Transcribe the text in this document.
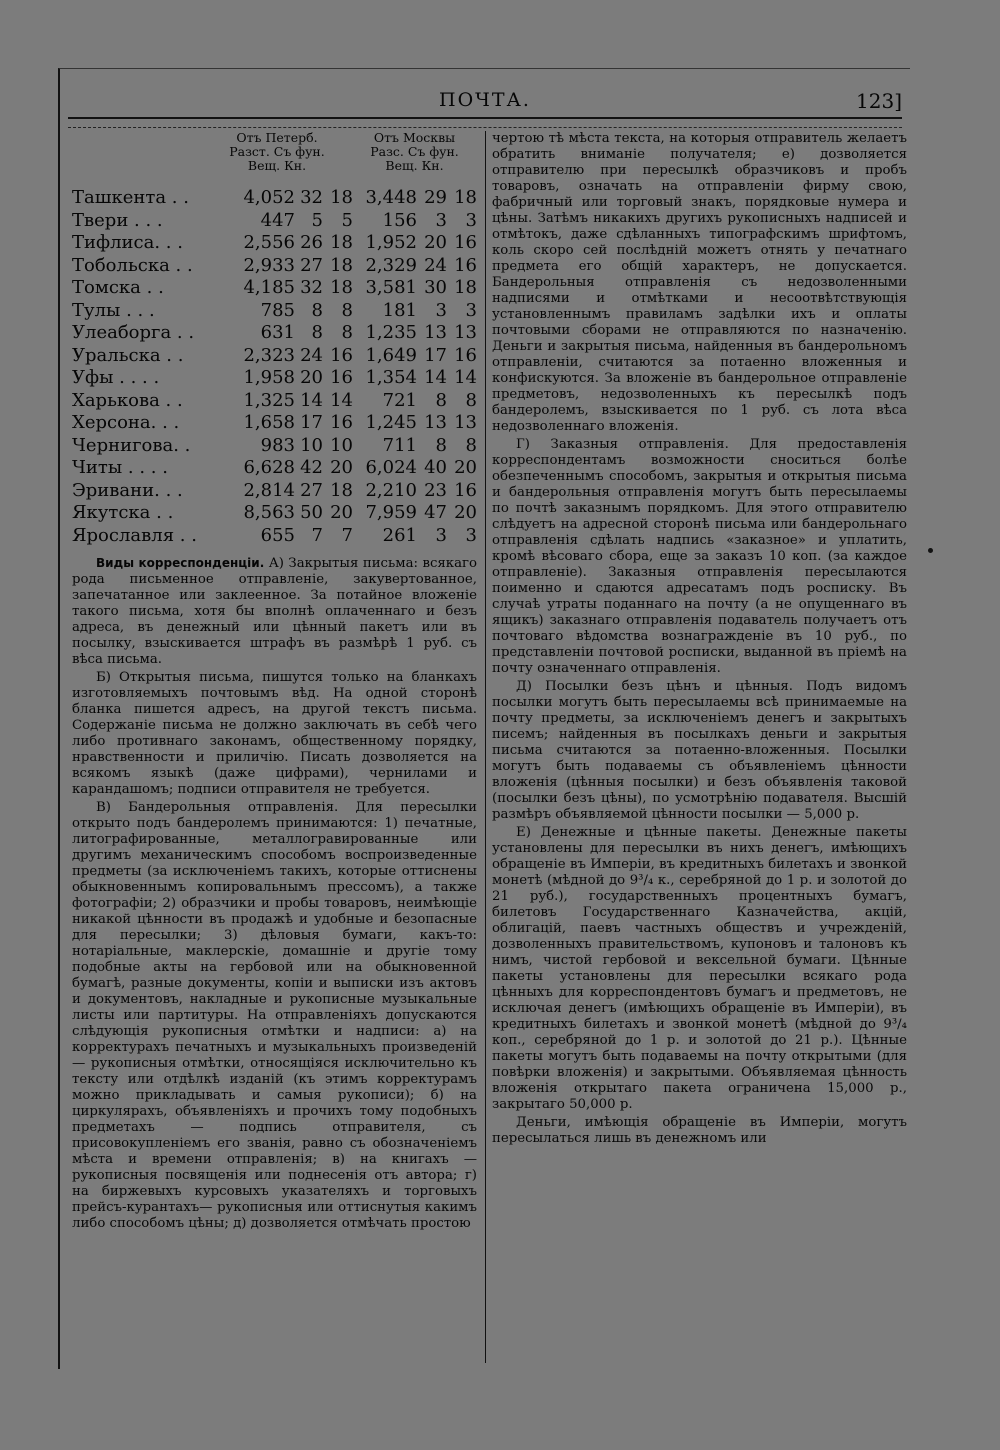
ПОЧТА.	123]
Отъ Петерб.
Разст. Съ фун.
Вещ. Кн.
Отъ Москвы
Разс. Съ фун.
Вещ. Кн.
Ташкента . .	4,052	32	18	3,448	29	18
Твери . . .	447	5	5	156	3	3
Тифлиса. . .	2,556	26	18	1,952	20	16
Тобольска . .	2,933	27	18	2,329	24	16
Томска . .	4,185	32	18	3,581	30	18
Тулы . . .	785	8	8	181	3	3
Улеаборга . .	631	8	8	1,235	13	13
Уральска . .	2,323	24	16	1,649	17	16
Уфы . . . .	1,958	20	16	1,354	14	14
Харькова . .	1,325	14	14	721	8	8
Херсона. . .	1,658	17	16	1,245	13	13
Чернигова. .	983	10	10	711	8	8
Читы . . . .	6,628	42	20	6,024	40	20
Эривани. . .	2,814	27	18	2,210	23	16
Якутска . .	8,563	50	20	7,959	47	20
Ярославля . .	655	7	7	261	3	3

Виды корреспонденціи. А) Закрытыя письма: всякаго рода письменное отправленіе, закувертованное, запечатанное или заклеенное. За потайное вложеніе такого письма, хотя бы вполнѣ оплаченнаго и безъ адреса, въ денежный или цѣнный пакетъ или въ посылку, взыскивается штрафъ въ размѣрѣ 1 руб. съ вѣса письма.

Б) Открытыя письма, пишутся только на бланкахъ изготовляемыхъ почтовымъ вѣд. На одной сторонѣ бланка пишется адресъ, на другой текстъ письма. Содержаніе письма не должно заключать въ себѣ чего либо противнаго законамъ, общественному порядку, нравственности и приличію. Писать дозволяется на всякомъ языкѣ (даже цифрами), чернилами и карандашомъ; подписи отправителя не требуется.

В) Бандерольныя отправленія. Для пересылки открыто подъ бандеролемъ принимаются: 1) печатные, литографированные, металлогравированные или другимъ механическимъ способомъ воспроизведенные предметы (за исключеніемъ такихъ, которые оттиснены обыкновеннымъ копировальнымъ прессомъ), а также фотографіи; 2) образчики и пробы товаровъ, неимѣющіе никакой цѣнности въ продажѣ и удобные и безопасные для пересылки; 3) дѣловыя бумаги, какъ-то: нотаріальные, маклерскіе, домашніе и другіе тому подобные акты на гербовой или на обыкновенной бумагѣ, разные документы, копіи и выписки изъ актовъ и документовъ, накладные и рукописные музыкальные листы или партитуры. На отправленіяхъ допускаются слѣдующія рукописныя отмѣтки и надписи: а) на корректурахъ печатныхъ и музыкальныхъ произведеній — рукописныя отмѣтки, относящіяся исключительно къ тексту или отдѣлкѣ изданій (къ этимъ корректурамъ можно прикладывать и самыя рукописи); б) на циркулярахъ, объявленіяхъ и прочихъ тому подобныхъ предметахъ — подпись отправителя, съ присовокупленіемъ его званія, равно съ обозначеніемъ мѣста и времени отправленія; в) на книгахъ — рукописныя посвященія или поднесенія отъ автора; г) на биржевыхъ курсовыхъ указателяхъ и торговыхъ прейсъ-курантахъ— рукописныя или оттиснутыя какимъ либо способомъ цѣны; д) дозволяется отмѣчать простою

чертою тѣ мѣста текста, на которыя отправитель желаетъ обратить вниманіе получателя; е) дозволяется отправителю при пересылкѣ образчиковъ и пробъ товаровъ, означать на отправленіи фирму свою, фабричный или торговый знакъ, порядковые нумера и цѣны. Затѣмъ никакихъ другихъ рукописныхъ надписей и отмѣтокъ, даже сдѣланныхъ типографскимъ шрифтомъ, коль скоро сей послѣдній можетъ отнять у печатнаго предмета его общій характеръ, не допускается. Бандерольныя отправленія съ недозволенными надписями и отмѣтками и несоотвѣтствующія установленнымъ правиламъ задѣлки ихъ и оплаты почтовыми сборами не отправляются по назначенію. Деньги и закрытыя письма, найденныя въ бандерольномъ отправленіи, считаются за потаенно вложенныя и конфискуются. За вложеніе въ бандерольное отправленіе предметовъ, недозволенныхъ къ пересылкѣ подъ бандеролемъ, взыскивается по 1 руб. съ лота вѣса недозволеннаго вложенія.

Г) Заказныя отправленія. Для предоставленія корреспондентамъ возможности сноситься болѣе обезпеченнымъ способомъ, закрытыя и открытыя письма и бандерольныя отправленія могутъ быть пересылаемы по почтѣ заказнымъ порядкомъ. Для этого отправителю слѣдуетъ на адресной сторонѣ письма или бандерольнаго отправленія сдѣлать надпись «заказное» и уплатить, кромѣ вѣсоваго сбора, еще за заказъ 10 коп. (за каждое отправленіе). Заказныя отправленія пересылаются поименно и сдаются адресатамъ подъ росписку. Въ случаѣ утраты поданнаго на почту (а не опущеннаго въ ящикъ) заказнаго отправленія подаватель получаетъ отъ почтоваго вѣдомства вознагражденіе въ 10 руб., по представленіи почтовой росписки, выданной въ пріемѣ на почту означеннаго отправленія.

Д) Посылки безъ цѣнъ и цѣнныя. Подъ видомъ посылки могутъ быть пересылаемы всѣ принимаемые на почту предметы, за исключеніемъ денегъ и закрытыхъ писемъ; найденныя въ посылкахъ деньги и закрытыя письма считаются за потаенно-вложенныя. Посылки могутъ быть подаваемы съ объявленіемъ цѣнности вложенія (цѣнныя посылки) и безъ объявленія таковой (посылки безъ цѣны), по усмотрѣнію подавателя. Высшій размѣръ объявляемой цѣнности посылки — 5,000 р.

Е) Денежные и цѣнные пакеты. Денежные пакеты установлены для пересылки въ нихъ денегъ, имѣющихъ обращеніе въ Имперіи, въ кредитныхъ билетахъ и звонкой монетѣ (мѣдной до 9³/₄ к., серебряной до 1 р. и золотой до 21 руб.), государственныхъ процентныхъ бумагъ, билетовъ Государственнаго Казначейства, акцій, облигацій, паевъ частныхъ обществъ и учрежденій, дозволенныхъ правительствомъ, купоновъ и талоновъ къ нимъ, чистой гербовой и вексельной бумаги. Цѣнные пакеты установлены для пересылки всякаго рода цѣнныхъ для корреспондентовъ бумагъ и предметовъ, не исключая денегъ (имѣющихъ обращеніе въ Имперіи), въ кредитныхъ билетахъ и звонкой монетѣ (мѣдной до 9³/₄ коп., серебряной до 1 р. и золотой до 21 р.). Цѣнные пакеты могутъ быть подаваемы на почту открытыми (для повѣрки вложенія) и закрытыми. Объявляемая цѣнность вложенія открытаго пакета ограничена 15,000 р., закрытаго 50,000 р.

Деньги, имѣющія обращеніе въ Имперіи, могутъ пересылаться лишь въ денежномъ или
